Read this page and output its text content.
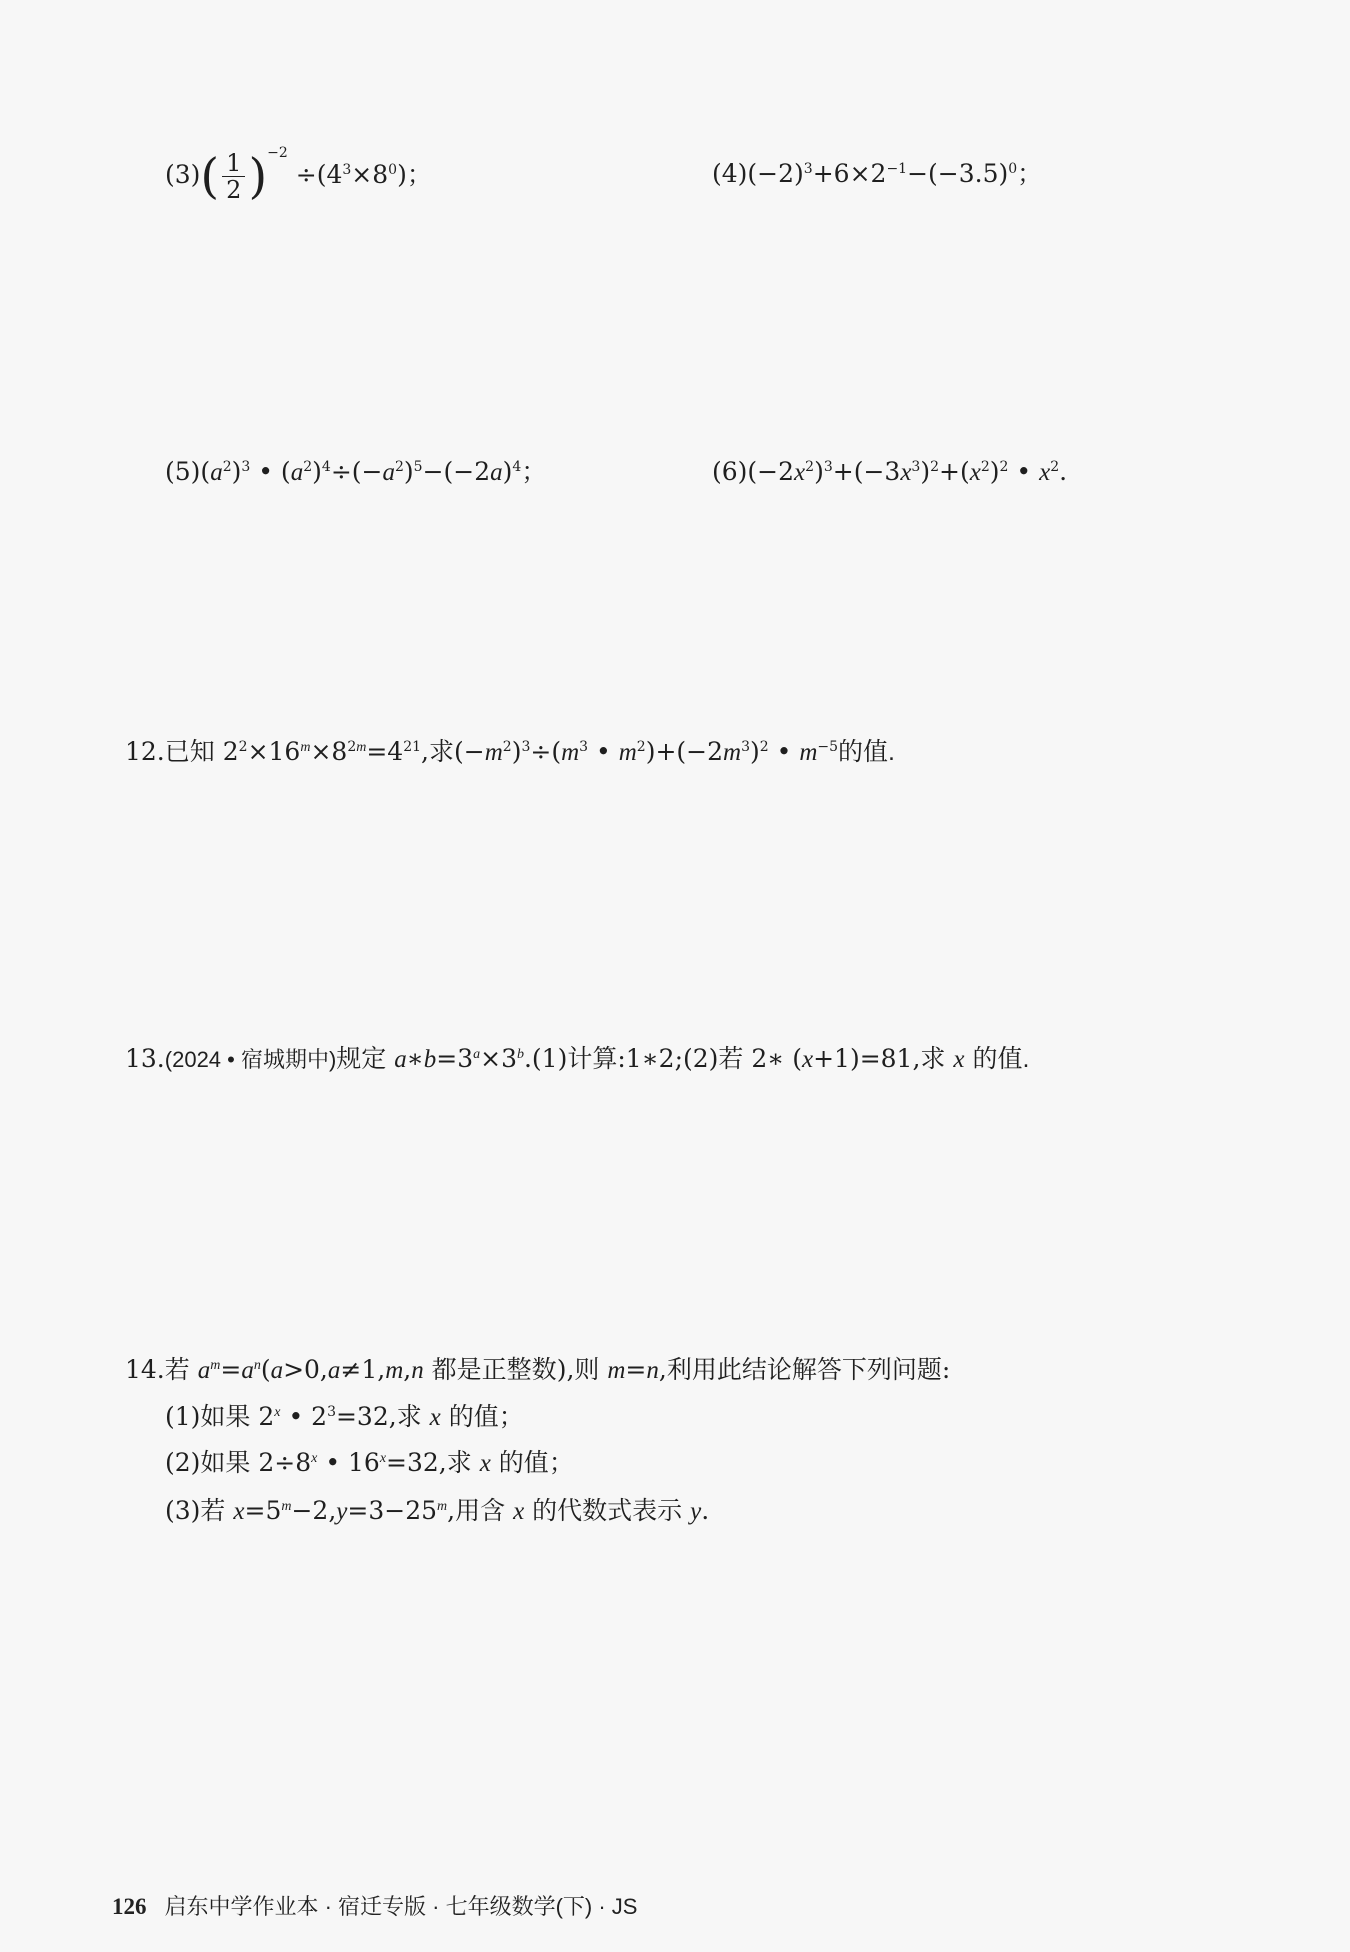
$(3)( \frac{1}{2} )^{-2} \div(4^3\times 8^0)$；	$(4)(-2)^3+6\times 2^{-1}-(-3.5)^0$；
$(5)(a^2)^3$ • $(a^2)^4\div(-a^2)^5-(-2a)^4$；	$(6)(-2x^2)^3+(-3x^3)^2+(x^2)^2$ • $x^2$.
12.已知 $2^2\times 16^m\times 8^{2m}=4^{21}$,求$(-m^2)^3\div(m^3$ • $m^2)+(-2m^3)^2$ • $m^{-5}$的值.
13.(2024 • 宿城期中)规定 $a∗b=3^a\times 3^b.(1)$计算:1∗2;(2)若 2∗ (x+1)=81,求 x 的值.
14.若 $a^m=a^n(a>0,a\ne 1,m,n$ 都是正整数),则 m=n,利用此结论解答下列问题:
(1)如果 2$^x$ • $2^3=32$,求 x 的值；
(2)如果 $2\div 8^x$ • $16^x=32$,求 x 的值；
(3)若 $x=5^m-2,y=3-25^m$,用含 x 的代数式表示 y.
126 启东中学作业本 · 宿迁专版 · 七年级数学(下) · JS
